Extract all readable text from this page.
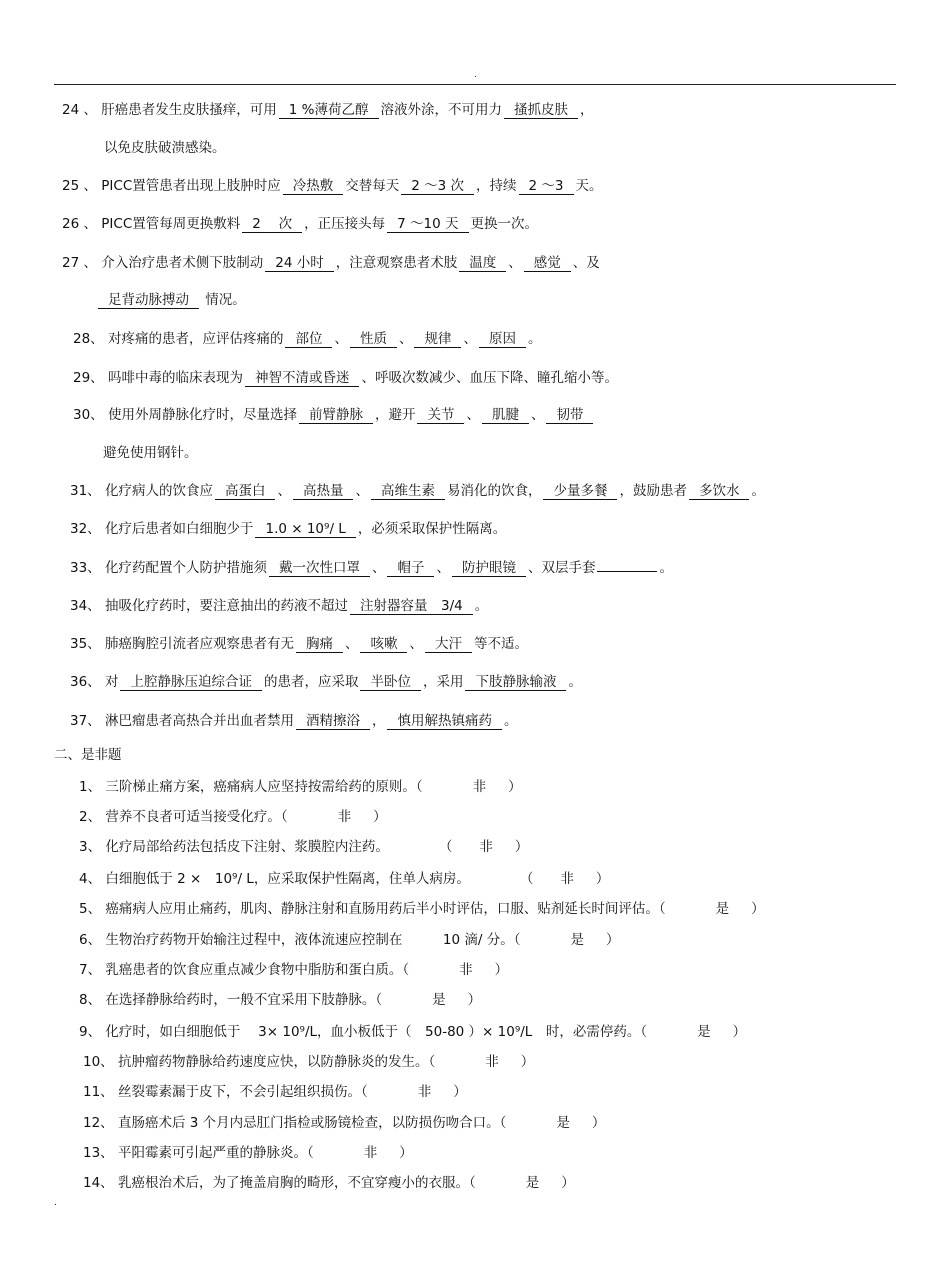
.
二、是非题
24 、 肝癌患者发生皮肤搔痒，可用 1 %薄荷乙醇 溶液外涂，不可用力 搔抓皮肤 ，
以免皮肤破溃感染。
25 、 PICC置管患者出现上肢肿时应 冷热敷 交替每天 2 ～3 次 ，持续 2 ～3 天。
26 、 PICC置管每周更换敷料 2　 次 ，正压接头每 7 ～10 天 更换一次。
27 、 介入治疗患者术侧下肢制动 24 小时 ，注意观察患者术肢 温度 、 感觉 、及
足背动脉搏动 情况。
28、 对疼痛的患者，应评估疼痛的 部位 、 性质 、 规律 、 原因 。
29、 吗啡中毒的临床表现为 神智不清或昏迷 、呼吸次数减少、血压下降、瞳孔缩小等。
30、 使用外周静脉化疗时，尽量选择 前臂静脉 ，避开 关节 、 肌腱 、 韧带
避免使用钢针。
31、 化疗病人的饮食应 高蛋白 、 高热量 、 高维生素 易消化的饮食， 少量多餐 ，鼓励患者 多饮水 。
32、 化疗后患者如白细胞少于 1.0 × 10⁹/ L ，必须采取保护性隔离。
33、 化疗药配置个人防护措施须 戴一次性口罩 、 帽子 、 防护眼镜 、双层手套	。
34、 抽吸化疗药时，要注意抽出的药液不超过 注射器容量　3/4 。
35、 肺癌胸腔引流者应观察患者有无 胸痛 、 咳嗽 、 大汗 等不适。
36、 对 上腔静脉压迫综合证 的患者，应采取 半卧位 ，采用 下肢静脉输液 。
37、 淋巴瘤患者高热合并出血者禁用 酒精擦浴 ， 慎用解热镇痛药 。
1、 三阶梯止痛方案，癌痛病人应坚持按需给药的原则。（	非 ）
2、 营养不良者可适当接受化疗。（	非 ）
3、 化疗局部给药法包括皮下注射、浆膜腔内注药。	（　　非 ）
4、 白细胞低于 2 ×　10⁹/ L，应采取保护性隔离，住单人病房。	（　　非 ）
5、 癌痛病人应用止痛药，肌肉、静脉注射和直肠用药后半小时评估，口服、贴剂延长时间评估。（	是 ）
6、 生物治疗药物开始输注过程中，液体流速应控制在　　　10 滴/ 分。（	是 ）
7、 乳癌患者的饮食应重点减少食物中脂肪和蛋白质。（	非 ）
8、 在选择静脉给药时，一般不宜采用下肢静脉。（	是 ）
9、 化疗时，如白细胞低于　 3× 10⁹/L，血小板低于（　50-80 ）× 10⁹/L　时，必需停药。（	是 ）
10、 抗肿瘤药物静脉给药速度应快，以防静脉炎的发生。（	非 ）
11、 丝裂霉素漏于皮下，不会引起组织损伤。（	非 ）
12、 直肠癌术后 3 个月内忌肛门指检或肠镜检查，以防损伤吻合口。（	是 ）
13、 平阳霉素可引起严重的静脉炎。（	非 ）
14、 乳癌根治术后，为了掩盖肩胸的畸形，不宜穿瘦小的衣服。（	是 ）
.
